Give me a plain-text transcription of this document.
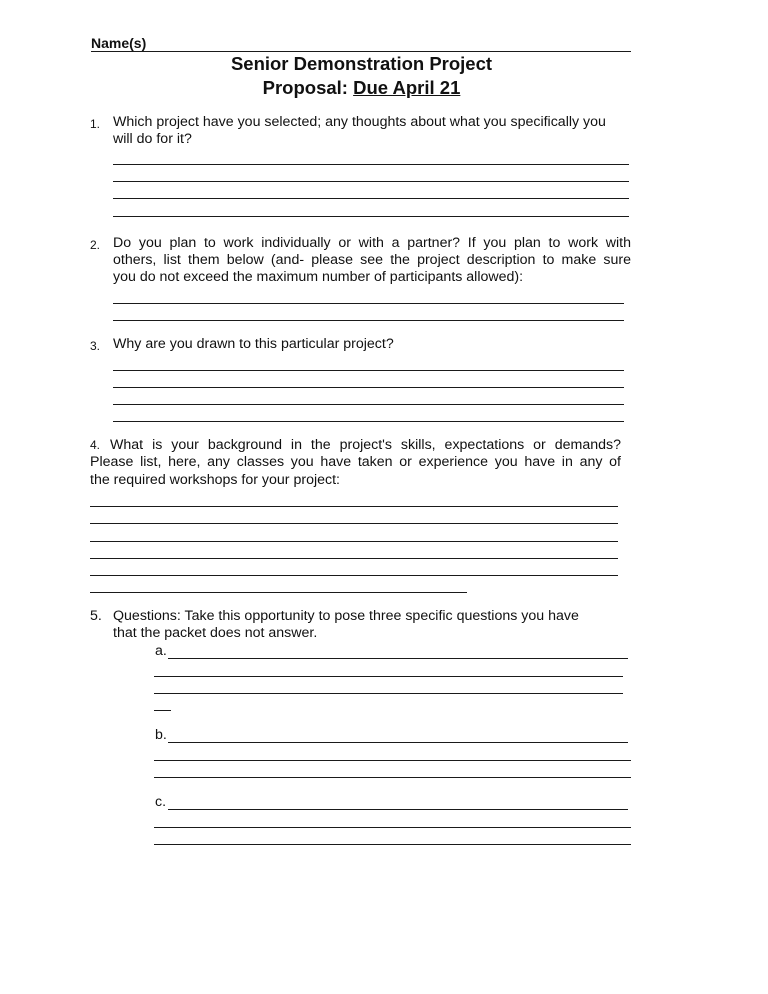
Name(s)
Senior Demonstration Project
Proposal: Due April 21
1. Which project have you selected; any thoughts about what you specifically you
will do for it?
2. Do you plan to work individually or with a partner? If you plan to work with
others, list them below (and- please see the project description to make sure
you do not exceed the maximum number of participants allowed):
3. Why are you drawn to this particular project?
4. What is your background in the project's skills, expectations or demands?
Please list, here, any classes you have taken or experience you have in any of
the required workshops for your project:
5. Questions: Take this opportunity to pose three specific questions you have
that the packet does not answer.
a.
b.
c.
